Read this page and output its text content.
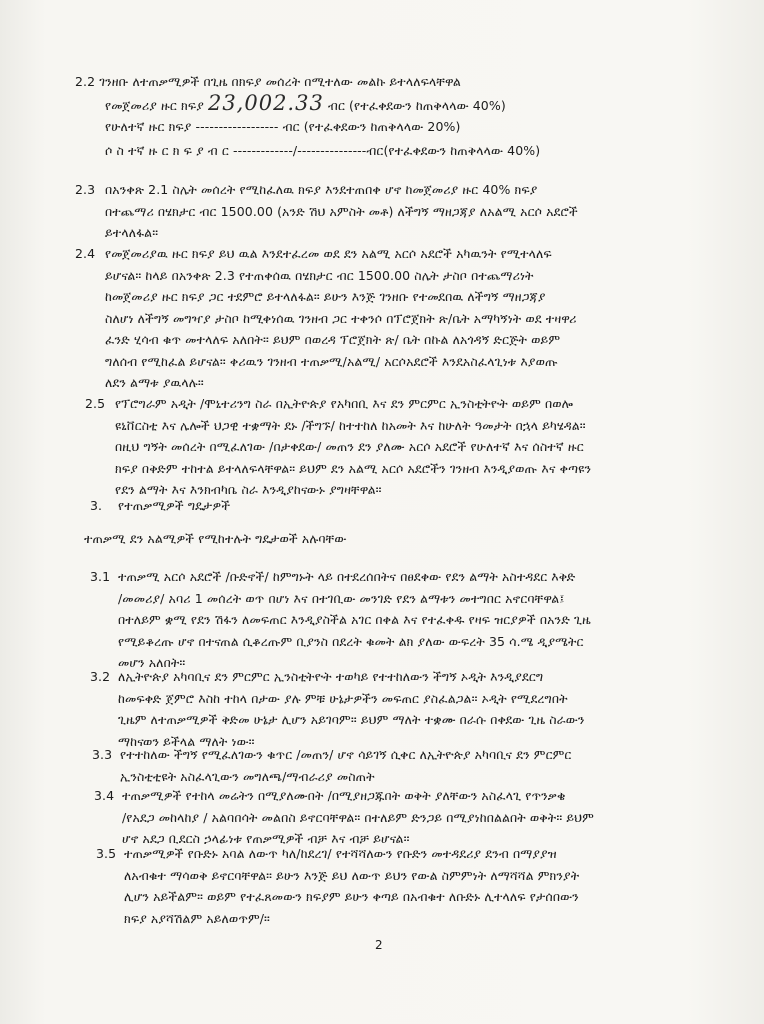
2.2 ገንዘቡ ለተጠቃሚዎች በጊዜ በክፍያ መሰረት በሚተለው መልኩ ይተላለፍላቸዋል
የመጀመሪያ ዙር ክፍያ 23,002.33 ብር (የተፈቀደውን ከጠቅላላው 40%)
የሁለተኛ ዙር ክፍያ ------------------ ብር (የተፈቀደውን ከጠቅላላው 20%)
ሶ ስ ተኛ ዙ ር ክ ፍ ያ ብ ር -------------/---------------ብር(የተፈቀደውን ከጠቅላላው 40%)
2.3 በአንቀጽ 2.1 ስሌት መሰረት የሚከፈለዉ ክፍያ እንደተጠበቀ ሆኖ ከመጀመሪያ ዙር 40% ክፍያ
በተጨማሪ በሄክታር ብር 1500.00 (አንድ ሽህ አምስት መቶ) ለችግኝ ማዘጋጃያ ለአልሚ አርሶ አደሮች
ይተላለፋል።
2.4 የመጀመሪያዉ ዙር ክፍያ ይህ ዉል እንደተፈረመ ወደ ደን አልሚ አርሶ አደሮች አካዉንት የሚተላለፍ
ይሆናል። ከላይ በአንቀጽ 2.3 የተጠቀሰዉ በሄክታር ብር 1500.00 ስሌት ታስቦ በተጨማሪነት
ከመጀመሪያ ዙር ክፍያ ጋር ተደምሮ ይተላለፋል። ይሁን እንጅ ገንዘቡ የተመደበዉ ለችግኝ ማዘጋጃያ
ስለሆነ ለችግኝ መግዣያ ታስቦ ከሚቀነሰዉ ገንዘብ ጋር ተቀንሶ በፕሮጀክት ጽ/ቤት አማካኝነት ወደ ተዛዋሪ
ፈንድ ሂሳብ ቁጥ መተላለፍ አለበት። ይህም በወረዳ ፕሮጀክት ጽ/ ቤት በኩል ለአጎዳኝ ድርጅት ወይም
ግለሰብ የሚከፈል ይሆናል። ቀሪዉን ገንዘብ ተጠቃሚ/አልሚ/ አርሶአደሮች እንደአስፈላጊነቱ እያወጡ
ለደን ልማቱ ያዉላሉ።
2.5 የፕሮግራም አዲት /ሞኒተሪንግ ስራ በኢትዮጵያ የአካበቢ እና ደን ምርምር ኢንስቲትዮት ወይም በወሎ
ዩኒቨርስቲ እና ሌሎች ህጋዊ ተቋማት ደኑ /ችግኙ/ ከተተከለ ከአመት እና ከሁለት ዓመታት በኋላ ይካሄዳል።
በዚህ ግኝት መሰረት በሚፈለገው /በታቀደው/ መጠን ደን ያለሙ አርሶ አደሮች የሁለተኛ እና ሰስተኛ ዙር
ክፍያ በቅድም ተከተል ይተላለፍላቸዋል። ይህም ደን አልሚ አርሶ አደሮችን ገንዘብ እንዲያወጡ እና ቀጣዩን
የደን ልማት እና እንክብካቤ ስራ እንዲያከናውኑ ያግዛቸዋል።
3. የተጠቃሚዎች ግዴታዎች
ተጠቃሚ ደን አልሚዎች የሚከተሉት ግዴታወች አሉባቸው
3.1 ተጠቃሚ አርሶ አደሮች /ቡድኖች/ ከምግኑት ላይ በተደረሰበትና በፀደቀው የደን ልማት አስተዳደር እቅድ
/መመሪያ/ አባሪ 1 መሰረት ወጥ በሆነ እና በተገቢው መንገድ የደን ልማቱን መተግበር አኖርባቸዋል፤
በተለይም ቋሚ የደን ሽፋን ለመፍጠር እንዲያስችል አገር በቀል እና የተፈቀዱ የዛፍ ዝርያዎች በአንድ ጊዜ
የሚይቆረጡ ሆኖ በተናጠል ሲቆረጡም ቢያንስ በደረት ቁመት ልክ ያለው ውፍረት 35 ሳ.ሜ ዲያሜትር
መሆን አለበት።
3.2 ለኢትዮጵያ አካባቢና ደን ምርምር ኢንስቲትዮት ተወካይ የተተከለውን ችግኝ ኦዲት እንዲያደርግ
ከመፍቀድ ጀምሮ እስከ ተከላ በታው ያሉ ምቹ ሁኔታዎችን መፍጠር ያስፈልጋል። ኦዲት የሚደረግበት
ጊዜም ለተጠቃሚዎች ቅድመ ሁኔታ ሊሆን አይገባም። ይህም ማለት ተቋሙ በራሱ በቀደው ጊዜ ስራውን
ማከናወን ይችላል ማለት ነው።
3.3 የተተከለው ችግኝ የሚፈለገውን ቁጥር /መጠን/ ሆኖ ሳይገኝ ሲቀር ለኢትዮጵያ አካባቢና ደን ምርምር
ኢንስቲቲዩት አስፈላጊውን መግለጫ/ማብራሪያ መስጠት
3.4 ተጠቃሚዎች የተከላ መሬትን በሚያለሙበት /በሚያዘጋጁበት ወቅት ያለቸውን አስፈላጊ የጥንቃቄ
/የአደጋ መከላከያ / አልባበሳት መልበስ ይኖርባቸዋል። በተለይም ድንጋይ በሚያነከበልልበት ወቅት። ይህም
ሆኖ አደጋ ቢደርስ ኃላፊነቱ የጠቃሚዎች ብቻ እና ብቻ ይሆናል።
3.5 ተጠቃሚዎች የቡድኑ አባል ለውጥ ካለ/ከደረገ/ የተሻሻለውን የቡድን መተዳደሪያ ደንብ በማያያዝ
ለአብቁተ ማሳወቅ ይኖርባቸዋል። ይሁን እንጅ ይህ ለውጥ ይህን የውል ስምምነት ለማሻሻል ምክንያት
ሊሆን አይችልም። ወይም የተፈጸመውን ክፍያም ይሁን ቀጣይ በአብቁተ ለቡድኑ ሊተላለፍ የታሰበውን
ክፍያ አያሻሽልም አይለወጥም/።
2
